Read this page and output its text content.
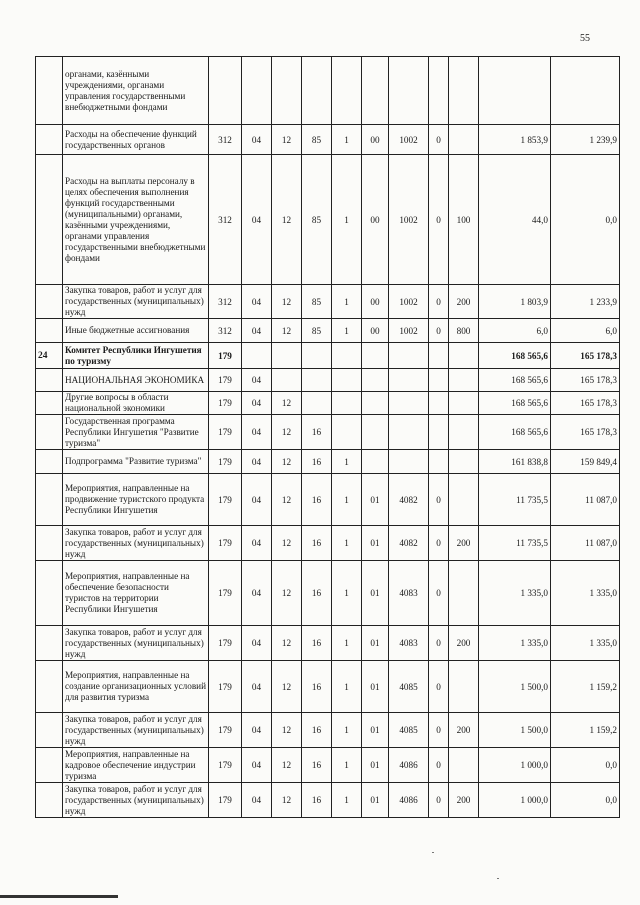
55
	органами, казёнными учреждениями, органами управления государственными внебюджетными фондами											
	Расходы на обеспечение функций государственных органов	312	04	12	85	1	00	1002	0		1 853,9	1 239,9
	Расходы на выплаты персоналу в целях обеспечения выполнения функций государственными (муниципальными) органами, казёнными учреждениями, органами управления государственными внебюджетными фондами	312	04	12	85	1	00	1002	0	100	44,0	0,0
	Закупка товаров, работ и услуг для государственных (муниципальных) нужд	312	04	12	85	1	00	1002	0	200	1 803,9	1 233,9
	Иные бюджетные ассигнования	312	04	12	85	1	00	1002	0	800	6,0	6,0
24	Комитет Республики Ингушетия по туризму	179									168 565,6	165 178,3
	НАЦИОНАЛЬНАЯ ЭКОНОМИКА	179	04								168 565,6	165 178,3
	Другие вопросы в области национальной экономики	179	04	12							168 565,6	165 178,3
	Государственная программа Республики Ингушетия "Развитие туризма"	179	04	12	16						168 565,6	165 178,3
	Подпрограмма "Развитие туризма"	179	04	12	16	1					161 838,8	159 849,4
	Мероприятия, направленные на продвижение туристского продукта Республики Ингушетия	179	04	12	16	1	01	4082	0		11 735,5	11 087,0
	Закупка товаров, работ и услуг для государственных (муниципальных) нужд	179	04	12	16	1	01	4082	0	200	11 735,5	11 087,0
	Мероприятия, направленные на обеспечение безопасности туристов на территории Республики Ингушетия	179	04	12	16	1	01	4083	0		1 335,0	1 335,0
	Закупка товаров, работ и услуг для государственных (муниципальных) нужд	179	04	12	16	1	01	4083	0	200	1 335,0	1 335,0
	Мероприятия, направленные на создание организационных условий для развития туризма	179	04	12	16	1	01	4085	0		1 500,0	1 159,2
	Закупка товаров, работ и услуг для государственных (муниципальных) нужд	179	04	12	16	1	01	4085	0	200	1 500,0	1 159,2
	Мероприятия, направленные на кадровое обеспечение индустрии туризма	179	04	12	16	1	01	4086	0		1 000,0	0,0
	Закупка товаров, работ и услуг для государственных (муниципальных) нужд	179	04	12	16	1	01	4086	0	200	1 000,0	0,0
